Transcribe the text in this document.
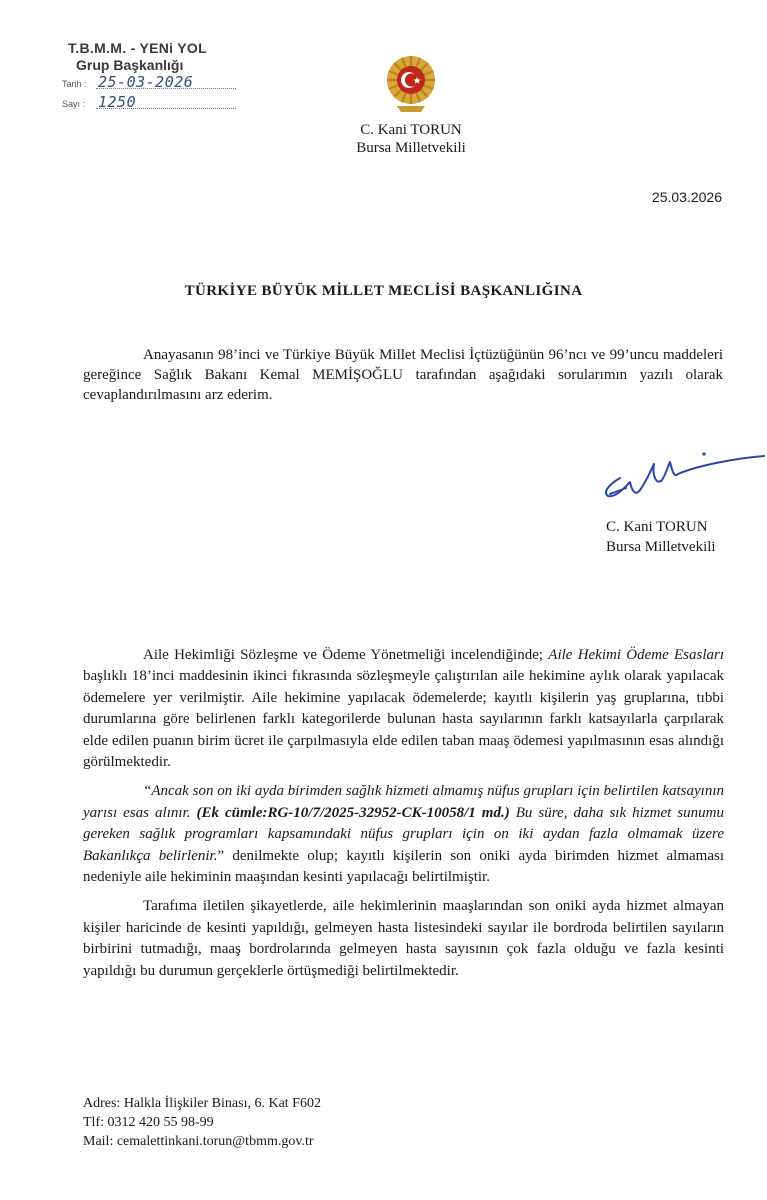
T.B.M.M. - YENi YOL
Grup Başkanlığı
Tarih : 25-03-2026
Sayı : 1250
C. Kani TORUN
Bursa Milletvekili
25.03.2026
TÜRKİYE BÜYÜK MİLLET MECLİSİ BAŞKANLIĞINA

Anayasanın 98’inci ve Türkiye Büyük Millet Meclisi İçtüzüğünün 96’ncı ve 99’uncu maddeleri gereğince Sağlık Bakanı Kemal MEMİŞOĞLU tarafından aşağıdaki sorularımın yazılı olarak cevaplandırılmasını arz ederim.

C. Kani TORUN
Bursa Milletvekili

Aile Hekimliği Sözleşme ve Ödeme Yönetmeliği incelendiğinde; Aile Hekimi Ödeme Esasları başlıklı 18’inci maddesinin ikinci fıkrasında sözleşmeyle çalıştırılan aile hekimine aylık olarak yapılacak ödemelere yer verilmiştir. Aile hekimine yapılacak ödemelerde; kayıtlı kişilerin yaş gruplarına, tıbbi durumlarına göre belirlenen farklı kategorilerde bulunan hasta sayılarının farklı katsayılarla çarpılarak elde edilen puanın birim ücret ile çarpılmasıyla elde edilen taban maaş ödemesi yapılmasının esas alındığı görülmektedir.

“Ancak son on iki ayda birimden sağlık hizmeti almamış nüfus grupları için belirtilen katsayının yarısı esas alınır. (Ek cümle:RG-10/7/2025-32952-CK-10058/1 md.) Bu süre, daha sık hizmet sunumu gereken sağlık programları kapsamındaki nüfus grupları için on iki aydan fazla olmamak üzere Bakanlıkça belirlenir.” denilmekte olup; kayıtlı kişilerin son oniki ayda birimden hizmet almaması nedeniyle aile hekiminin maaşından kesinti yapılacağı belirtilmiştir.

Tarafıma iletilen şikayetlerde, aile hekimlerinin maaşlarından son oniki ayda hizmet almayan kişiler haricinde de kesinti yapıldığı, gelmeyen hasta listesindeki sayılar ile bordroda belirtilen sayıların birbirini tutmadığı, maaş bordrolarında gelmeyen hasta sayısının çok fazla olduğu ve fazla kesinti yapıldığı bu durumun gerçeklerle örtüşmediği belirtilmektedir.

Adres: Halkla İlişkiler Binası, 6. Kat F602
Tlf: 0312 420 55 98-99
Mail: cemalettinkani.torun@tbmm.gov.tr
